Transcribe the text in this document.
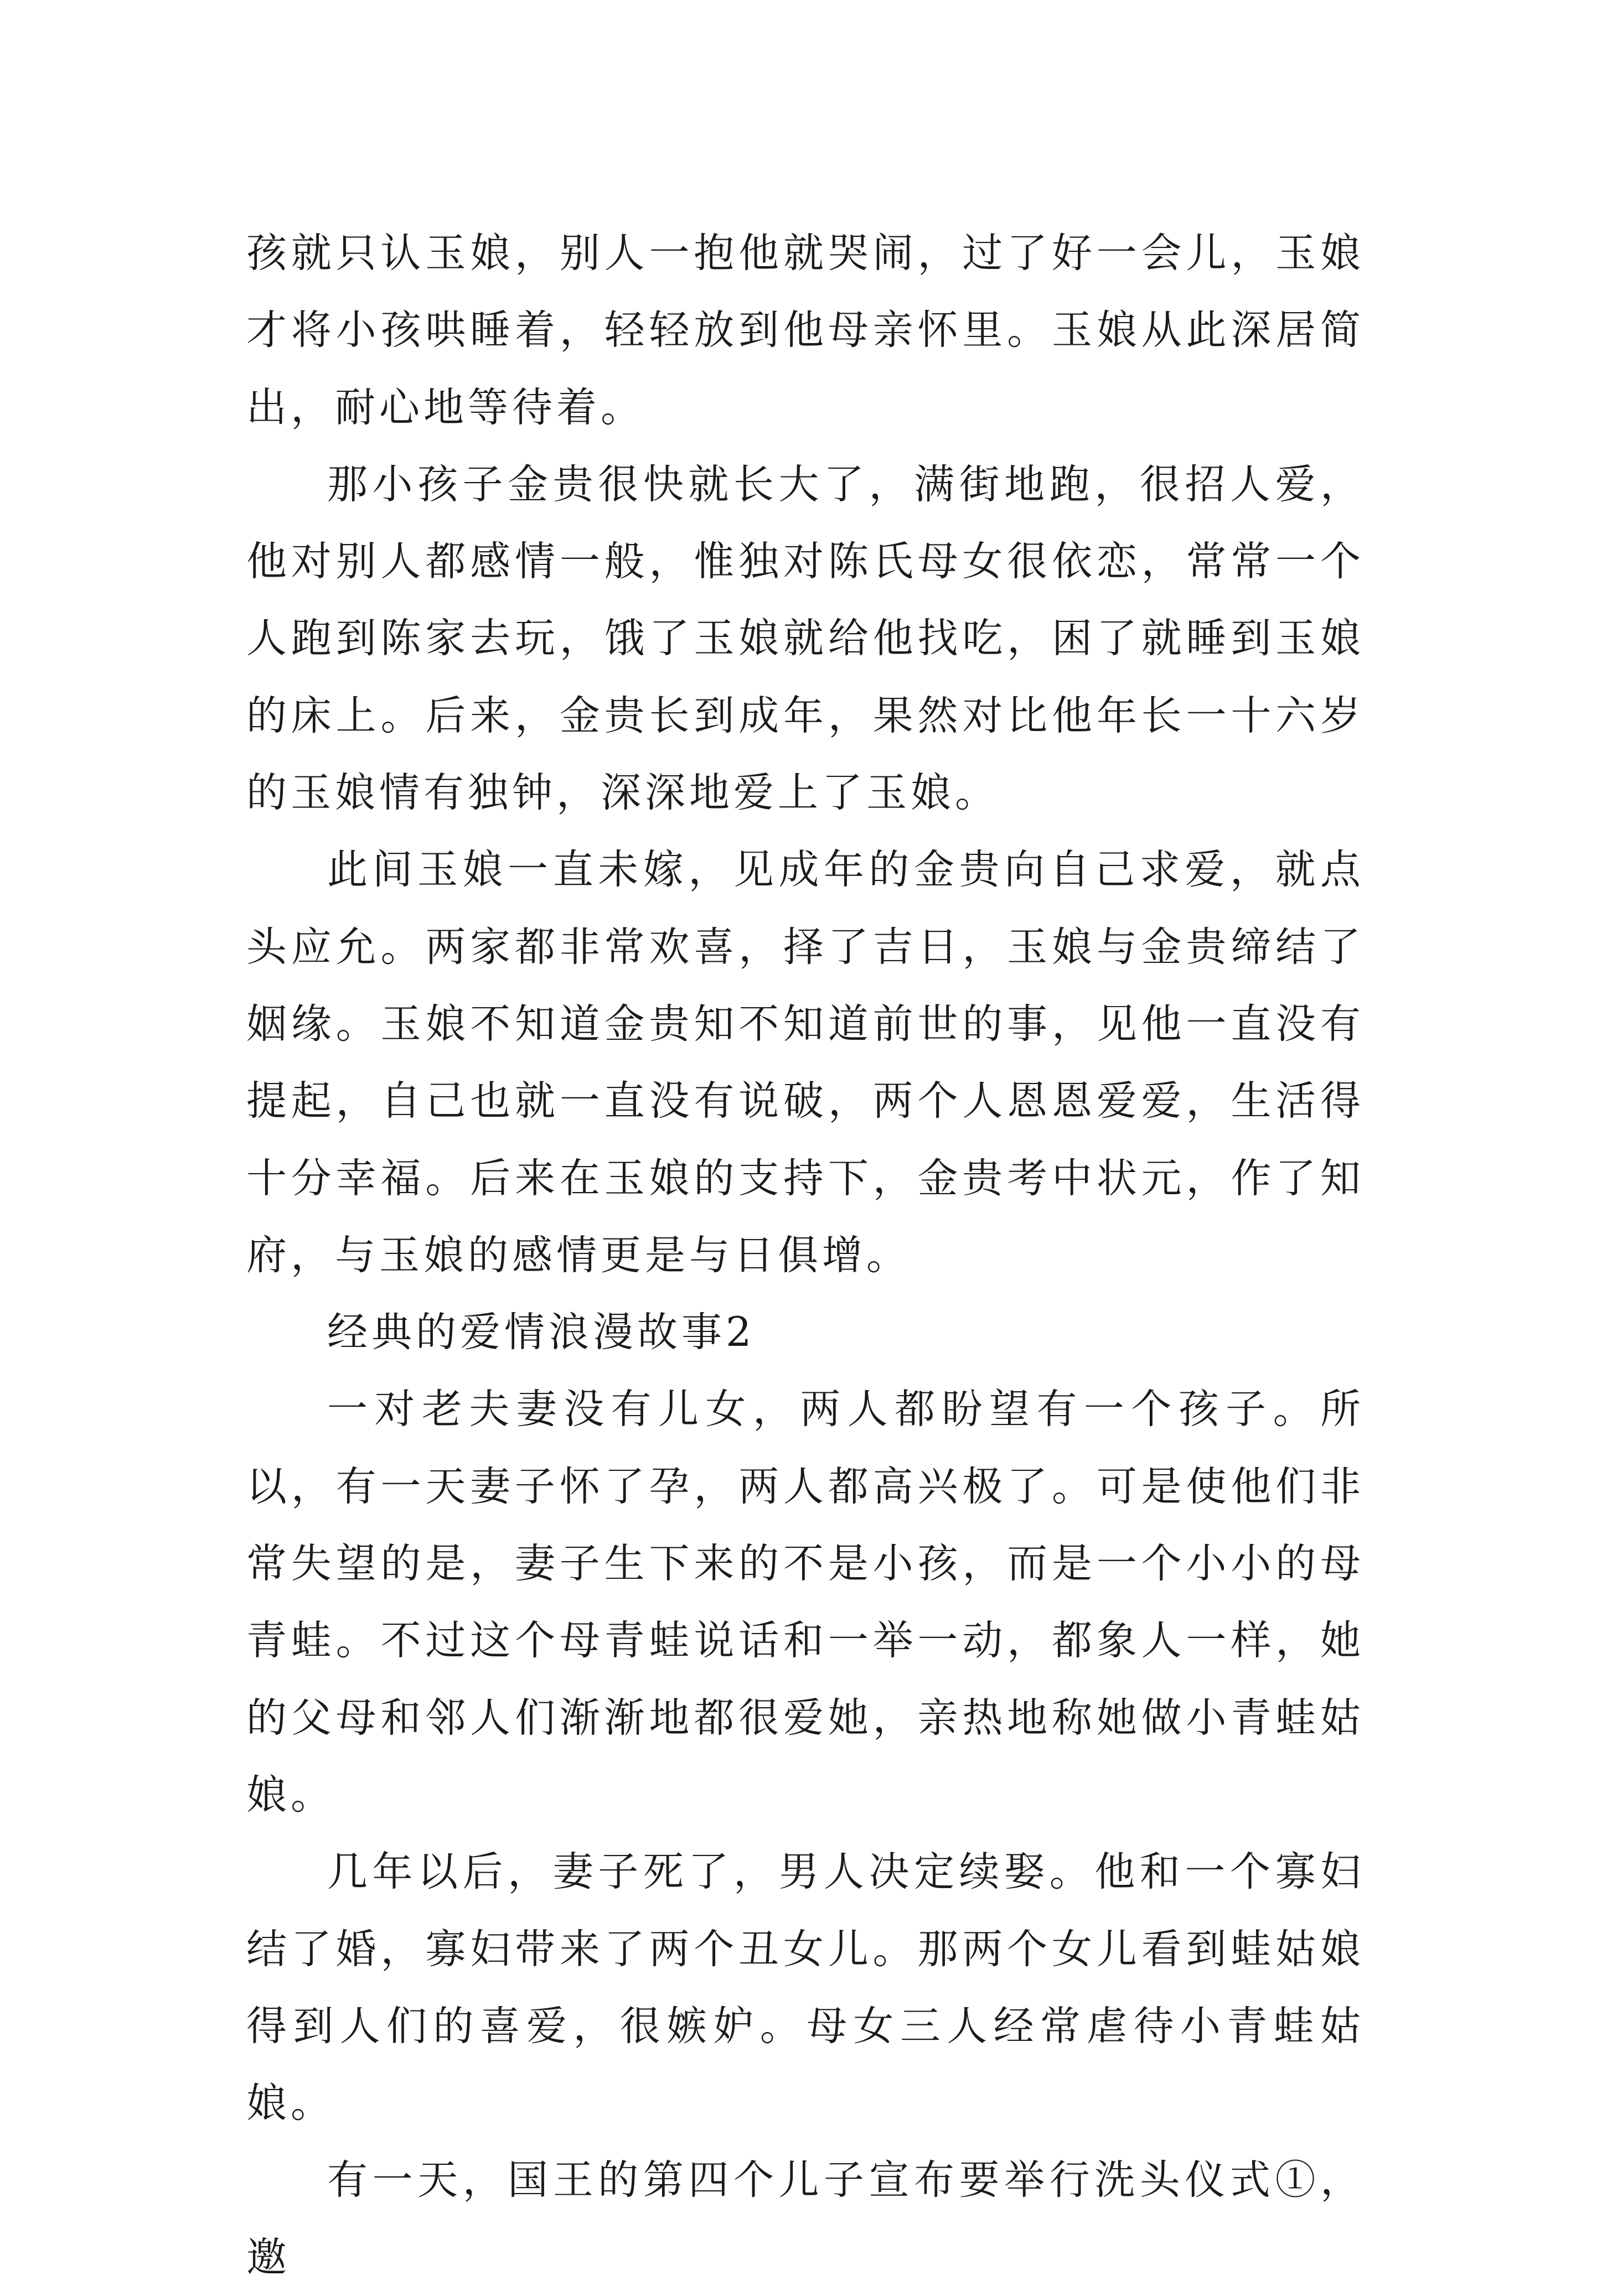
孩就只认玉娘，别人一抱他就哭闹，过了好一会儿，玉娘才将小孩哄睡着，轻轻放到他母亲怀里。玉娘从此深居简出，耐心地等待着。

那小孩子金贵很快就长大了，满街地跑，很招人爱，他对别人都感情一般，惟独对陈氏母女很依恋，常常一个人跑到陈家去玩，饿了玉娘就给他找吃，困了就睡到玉娘的床上。后来，金贵长到成年，果然对比他年长一十六岁的玉娘情有独钟，深深地爱上了玉娘。

此间玉娘一直未嫁，见成年的金贵向自己求爱，就点头应允。两家都非常欢喜，择了吉日，玉娘与金贵缔结了姻缘。玉娘不知道金贵知不知道前世的事，见他一直没有提起，自己也就一直没有说破，两个人恩恩爱爱，生活得十分幸福。后来在玉娘的支持下，金贵考中状元，作了知府，与玉娘的感情更是与日俱增。

经典的爱情浪漫故事2

一对老夫妻没有儿女，两人都盼望有一个孩子。所以，有一天妻子怀了孕，两人都高兴极了。可是使他们非常失望的是，妻子生下来的不是小孩，而是一个小小的母青蛙。不过这个母青蛙说话和一举一动，都象人一样，她的父母和邻人们渐渐地都很爱她，亲热地称她做小青蛙姑娘。

几年以后，妻子死了，男人决定续娶。他和一个寡妇结了婚，寡妇带来了两个丑女儿。那两个女儿看到蛙姑娘得到人们的喜爱，很嫉妒。母女三人经常虐待小青蛙姑娘。

有一天，国王的第四个儿子宣布要举行洗头仪式①，邀
